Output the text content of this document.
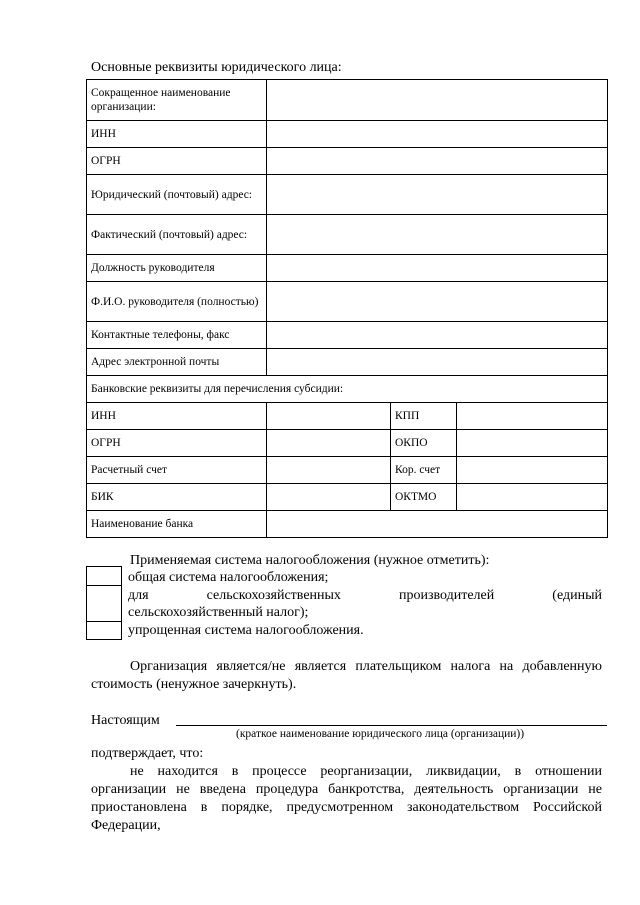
Основные реквизиты юридического лица:
Сокращенное наименование организации:			
ИНН			
ОГРН			
Юридический (почтовый) адрес:			
Фактический (почтовый) адрес:			
Должность руководителя			
Ф.И.О. руководителя (полностью)			
Контактные телефоны, факс			
Адрес электронной почты			
Банковские реквизиты для перечисления субсидии:			
ИНН		КПП	
ОГРН		ОКПО	
Расчетный счет		Кор. счет	
БИК		ОКТМО	
Наименование банка			
Применяемая система налогообложения (нужное отметить):
общая система налогообложения;
для	сельскохозяйственных	производителей	(единый
сельскохозяйственный налог);
упрощенная система налогообложения.
Организация является/не является плательщиком налога на добавленную
стоимость (ненужное зачеркнуть).
Настоящим
(краткое наименование юридического лица (организации))
подтверждает, что:
не находится в процессе реорганизации, ликвидации, в отношении
организации не введена процедура банкротства, деятельность организации не
приостановлена в порядке, предусмотренном законодательством Российской
Федерации,
